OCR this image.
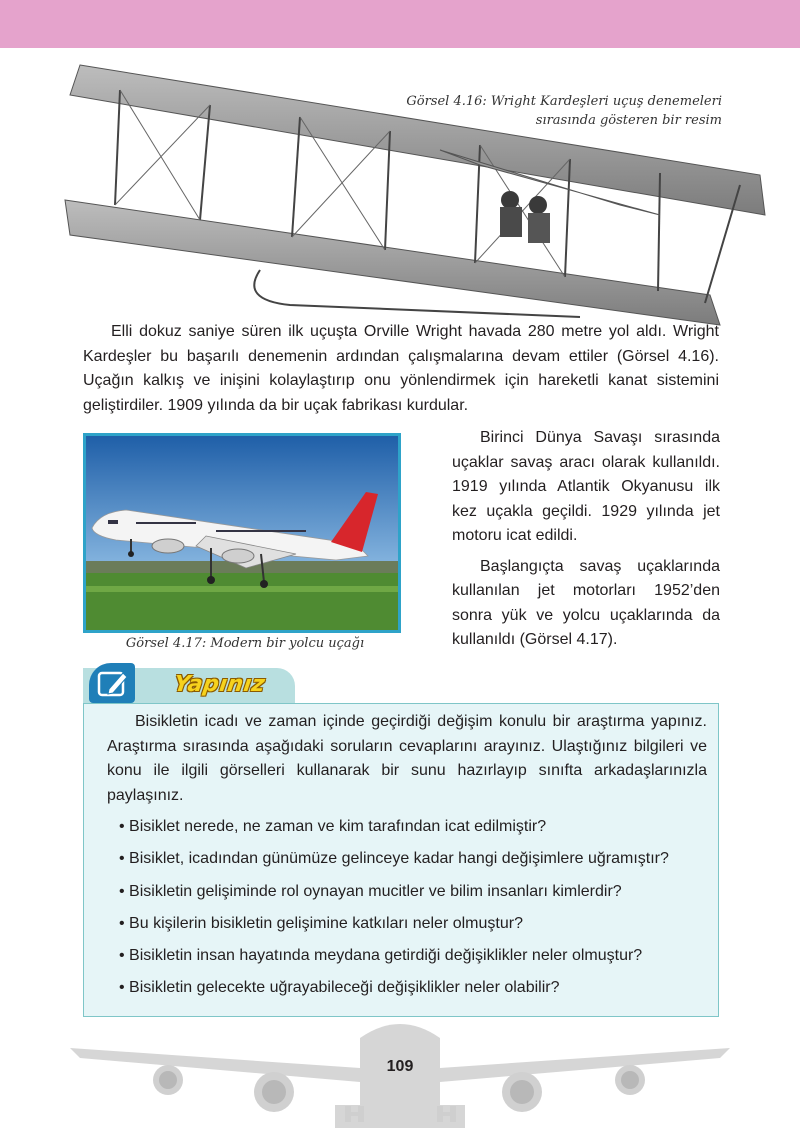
Görsel 4.16: Wright Kardeşleri uçuş denemeleri
sırasında gösteren bir resim
Elli dokuz saniye süren ilk uçuşta Orville Wright havada 280 metre yol aldı. Wright Kardeşler bu başarılı denemenin ardından çalışmalarına devam ettiler (Görsel 4.16). Uçağın kalkış ve inişini kolaylaştırıp onu yönlendirmek için hareketli kanat sistemini geliştirdiler. 1909 yılında da bir uçak fabrikası kurdular.
Görsel 4.17: Modern bir yolcu uçağı

Birinci Dünya Savaşı sırasında uçaklar savaş aracı olarak kullanıldı. 1919 yılında Atlantik Okyanusu ilk kez uçakla geçildi. 1929 yılında jet motoru icat edildi.

Başlangıçta savaş uçaklarında kullanılan jet motorları 1952’den sonra yük ve yolcu uçaklarında da kullanıldı (Görsel 4.17).

Yapınız
Bisikletin icadı ve zaman içinde geçirdiği değişim konulu bir araştırma yapınız. Araştırma sırasında aşağıdaki soruların cevaplarını arayınız. Ulaştığınız bilgileri ve konu ile ilgili görselleri kullanarak bir sunu hazırlayıp sınıfta arkadaşlarınızla paylaşınız.
• Bisiklet nerede, ne zaman ve kim tarafından icat edilmiştir?
• Bisiklet, icadından günümüze gelinceye kadar hangi değişimlere uğramıştır?
• Bisikletin gelişiminde rol oynayan mucitler ve bilim insanları kimlerdir?
• Bu kişilerin bisikletin gelişimine katkıları neler olmuştur?
• Bisikletin insan hayatında meydana getirdiği değişiklikler neler olmuştur?
• Bisikletin gelecekte uğrayabileceği değişiklikler neler olabilir?
109
